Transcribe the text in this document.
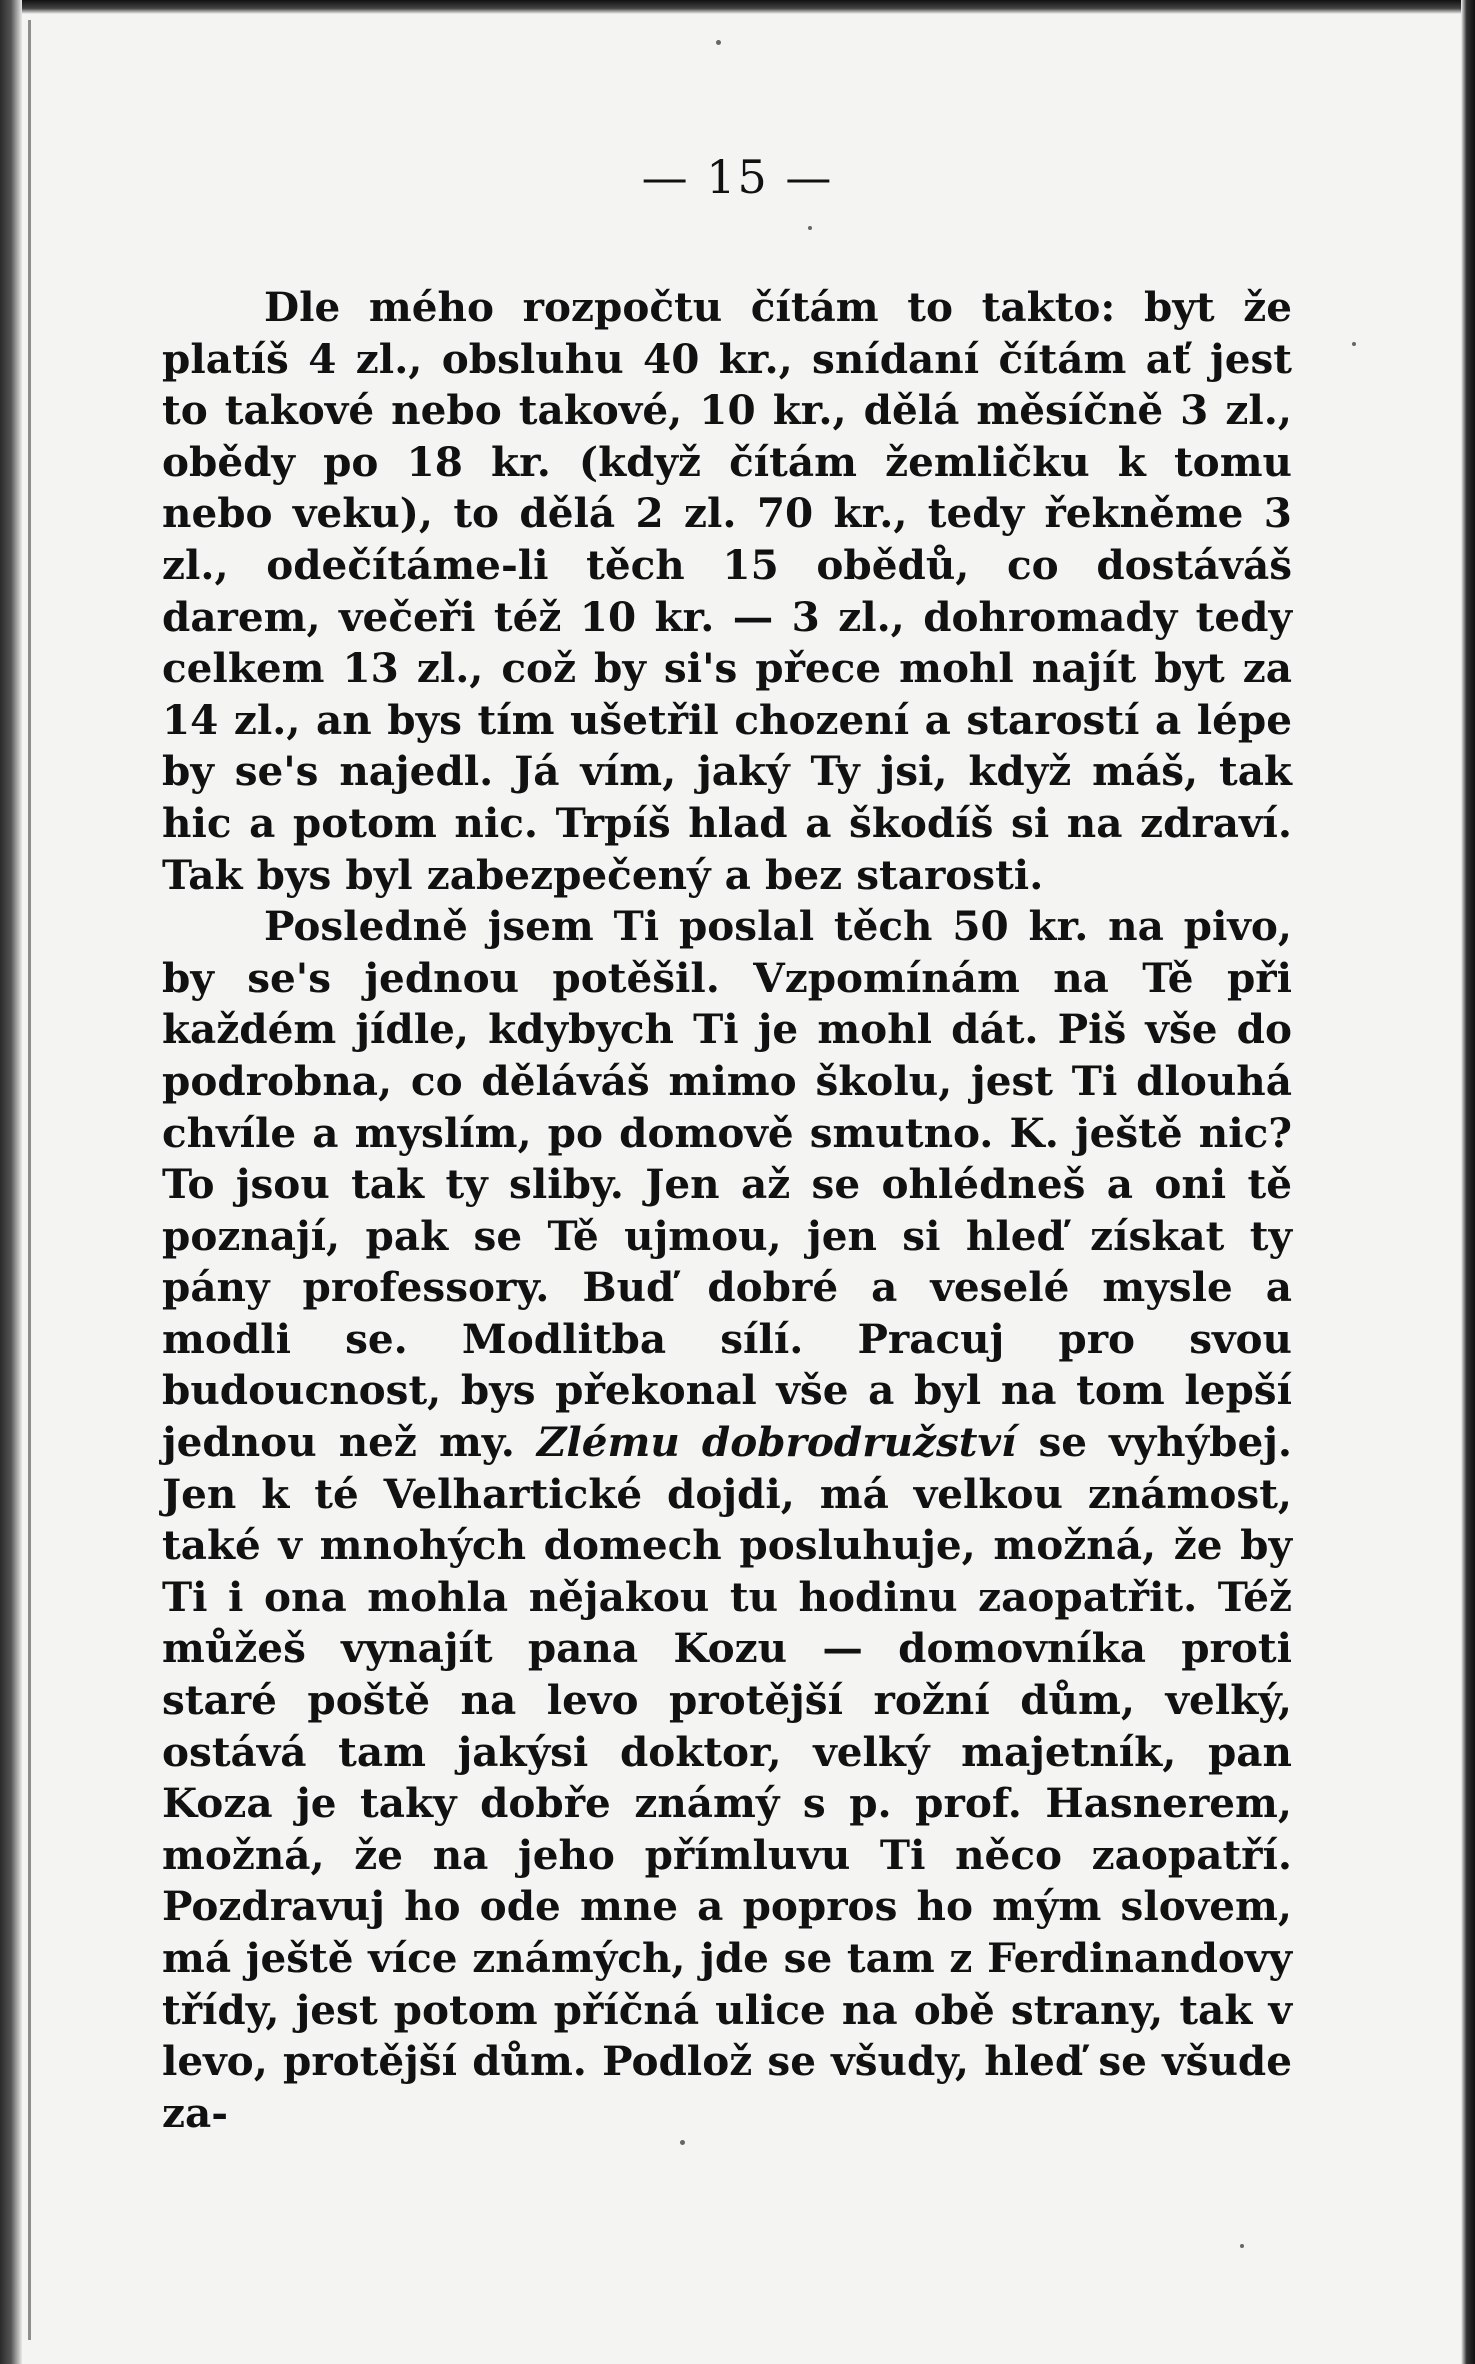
— 15 —

Dle mého rozpočtu čítám to takto: byt že platíš 4 zl., obsluhu 40 kr., snídaní čítám ať jest to takové nebo takové, 10 kr., dělá měsíčně 3 zl., obědy po 18 kr. (když čítám žemličku k tomu nebo veku), to dělá 2 zl. 70 kr., tedy řekněme 3 zl., odečítáme-li těch 15 obědů, co dostáváš darem, večeři též 10 kr. — 3 zl., dohromady tedy celkem 13 zl., což by si's přece mohl najít byt za 14 zl., an bys tím ušetřil chození a starostí a lépe by se's najedl. Já vím, jaký Ty jsi, když máš, tak hic a potom nic. Trpíš hlad a škodíš si na zdraví. Tak bys byl zabezpečený a bez starosti.

Posledně jsem Ti poslal těch 50 kr. na pivo, by se's jednou potěšil. Vzpomínám na Tě při každém jídle, kdybych Ti je mohl dát. Piš vše do podrobna, co děláváš mimo školu, jest Ti dlouhá chvíle a myslím, po domově smutno. K. ještě nic? To jsou tak ty sliby. Jen až se ohlédneš a oni tě poznají, pak se Tě ujmou, jen si hleď získat ty pány professory. Buď dobré a veselé mysle a modli se. Modlitba sílí. Pracuj pro svou budoucnost, bys překonal vše a byl na tom lepší jednou než my. Zlému dobrodružství se vyhýbej. Jen k té Velhartické dojdi, má velkou známost, také v mnohých domech posluhuje, možná, že by Ti i ona mohla nějakou tu hodinu zaopatřit. Též můžeš vynajít pana Kozu — domovníka proti staré poště na levo protější rožní dům, velký, ostává tam jakýsi doktor, velký majetník, pan Koza je taky dobře známý s p. prof. Hasnerem, možná, že na jeho přímluvu Ti něco zaopatří. Pozdravuj ho ode mne a popros ho mým slovem, má ještě více známých, jde se tam z Ferdinandovy třídy, jest potom příčná ulice na obě strany, tak v levo, protější dům. Podlož se všudy, hleď se všude za-
